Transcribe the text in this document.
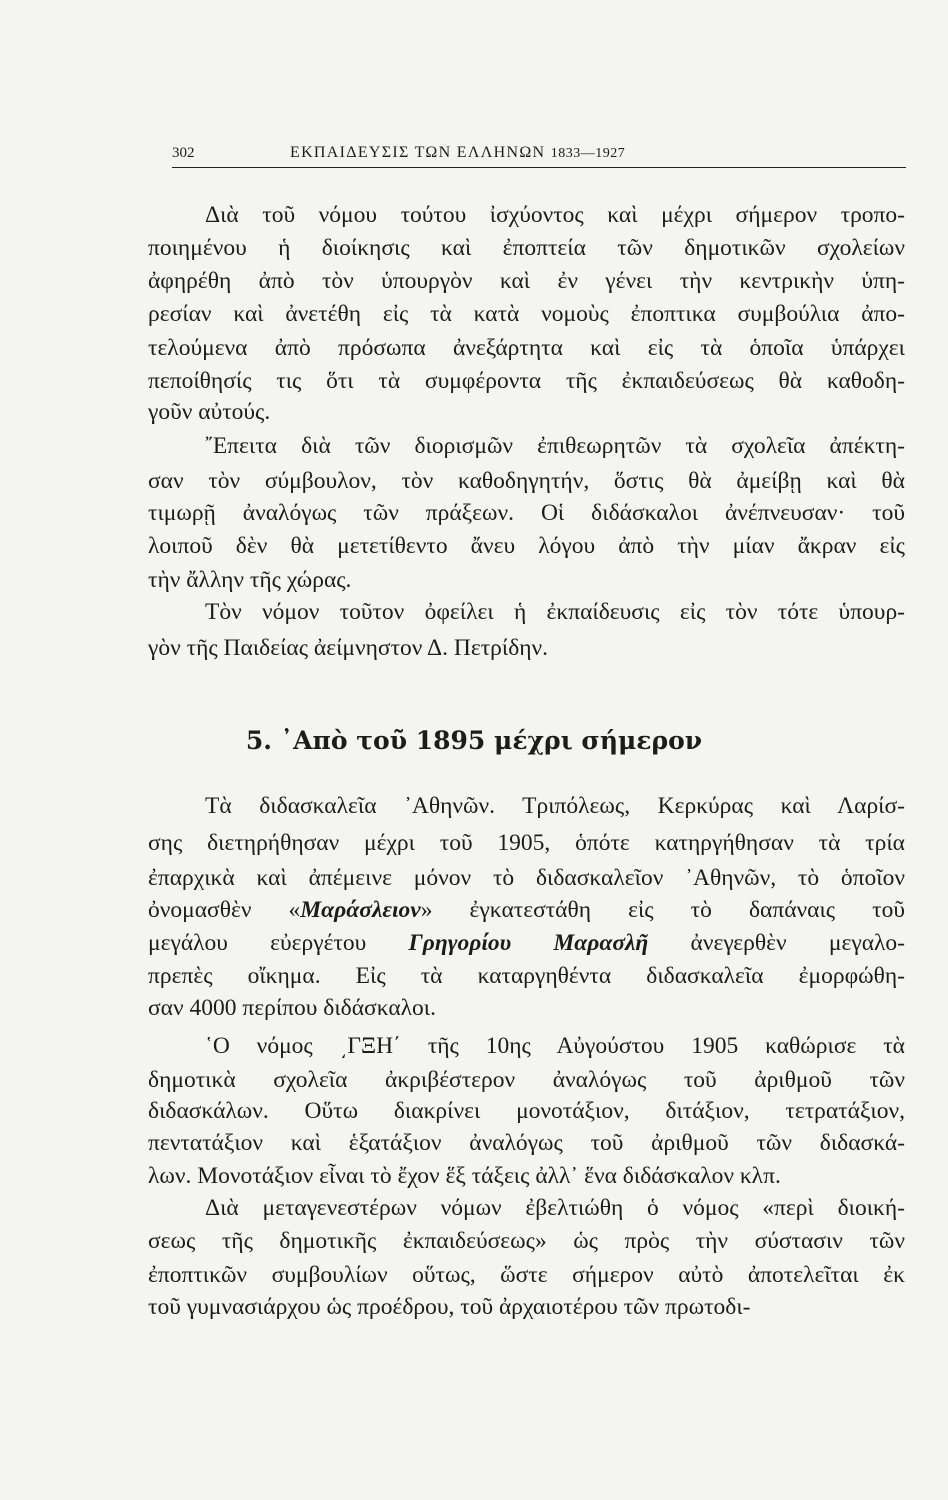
302	ΕΚΠΑΙΔΕΥΣΙΣ ΤΩΝ ΕΛΛΗΝΩΝ 1833—1927
Διὰ τοῦ νόμου τούτου ἰσχύοντος καὶ μέχρι σήμερον τροπο-
ποιημένου ἡ διοίκησις καὶ ἐποπτεία τῶν δημοτικῶν σχολείων
ἀφηρέθη ἀπὸ τὸν ὑπουργὸν καὶ ἐν γένει τὴν κεντρικὴν ὑπη-
ρεσίαν καὶ ἀνετέθη εἰς τὰ κατὰ νομοὺς ἐποπτικα συμβούλια ἀπο-
τελούμενα ἀπὸ πρόσωπα ἀνεξάρτητα καὶ εἰς τὰ ὁποῖα ὑπάρχει
πεποίθησίς τις ὅτι τὰ συμφέροντα τῆς ἐκπαιδεύσεως θὰ καθοδη-
γοῦν αὐτούς.
῎Επειτα διὰ τῶν διορισμῶν ἐπιθεωρητῶν τὰ σχολεῖα ἀπέκτη-
σαν τὸν σύμβουλον, τὸν καθοδηγητήν, ὅστις θὰ ἀμείβῃ καὶ θὰ
τιμωρῇ ἀναλόγως τῶν πράξεων. Οἱ διδάσκαλοι ἀνέπνευσαν· τοῦ
λοιποῦ δὲν θὰ μετετίθεντο ἄνευ λόγου ἀπὸ τὴν μίαν ἄκραν εἰς
τὴν ἄλλην τῆς χώρας.
Τὸν νόμον τοῦτον ὀφείλει ἡ ἐκπαίδευσις εἰς τὸν τότε ὑπουρ-
γὸν τῆς Παιδείας ἀείμνηστον Δ. Πετρίδην.
5. ᾿Απὸ τοῦ 1895 μέχρι σήμερον
Τὰ διδασκαλεῖα ᾿Αθηνῶν. Τριπόλεως, Κερκύρας καὶ Λαρίσ-
σης διετηρήθησαν μέχρι τοῦ 1905, ὁπότε κατηργήθησαν τὰ τρία
ἐπαρχικὰ καὶ ἀπέμεινε μόνον τὸ διδασκαλεῖον ᾿Αθηνῶν, τὸ ὁποῖον
ὀνομασθὲν «Μαράσλειον» ἐγκατεστάθη εἰς τὸ δαπάναις τοῦ
μεγάλου εὐεργέτου Γρηγορίου Μαρασλῆ ἀνεγερθὲν μεγαλο-
πρεπὲς οἴκημα. Εἰς τὰ καταργηθέντα διδασκαλεῖα ἐμορφώθη-
σαν 4000 περίπου διδάσκαλοι.
῾Ο νόμος ͵ΓΞΗ΄ τῆς 10ης Αὐγούστου 1905 καθώρισε τὰ
δημοτικὰ σχολεῖα ἀκριβέστερον ἀναλόγως τοῦ ἀριθμοῦ τῶν
διδασκάλων. Οὕτω διακρίνει μονοτάξιον, διτάξιον, τετρατάξιον,
πεντατάξιον καὶ ἑξατάξιον ἀναλόγως τοῦ ἀριθμοῦ τῶν διδασκά-
λων. Μονοτάξιον εἶναι τὸ ἔχον ἕξ τάξεις ἀλλ᾿ ἕνα διδάσκαλον κλπ.
Διὰ μεταγενεστέρων νόμων ἐβελτιώθη ὁ νόμος «περὶ διοική-
σεως τῆς δημοτικῆς ἐκπαιδεύσεως» ὡς πρὸς τὴν σύστασιν τῶν
ἐποπτικῶν συμβουλίων οὕτως, ὥστε σήμερον αὐτὸ ἀποτελεῖται ἐκ
τοῦ γυμνασιάρχου ὡς προέδρου, τοῦ ἀρχαιοτέρου τῶν πρωτοδι-
